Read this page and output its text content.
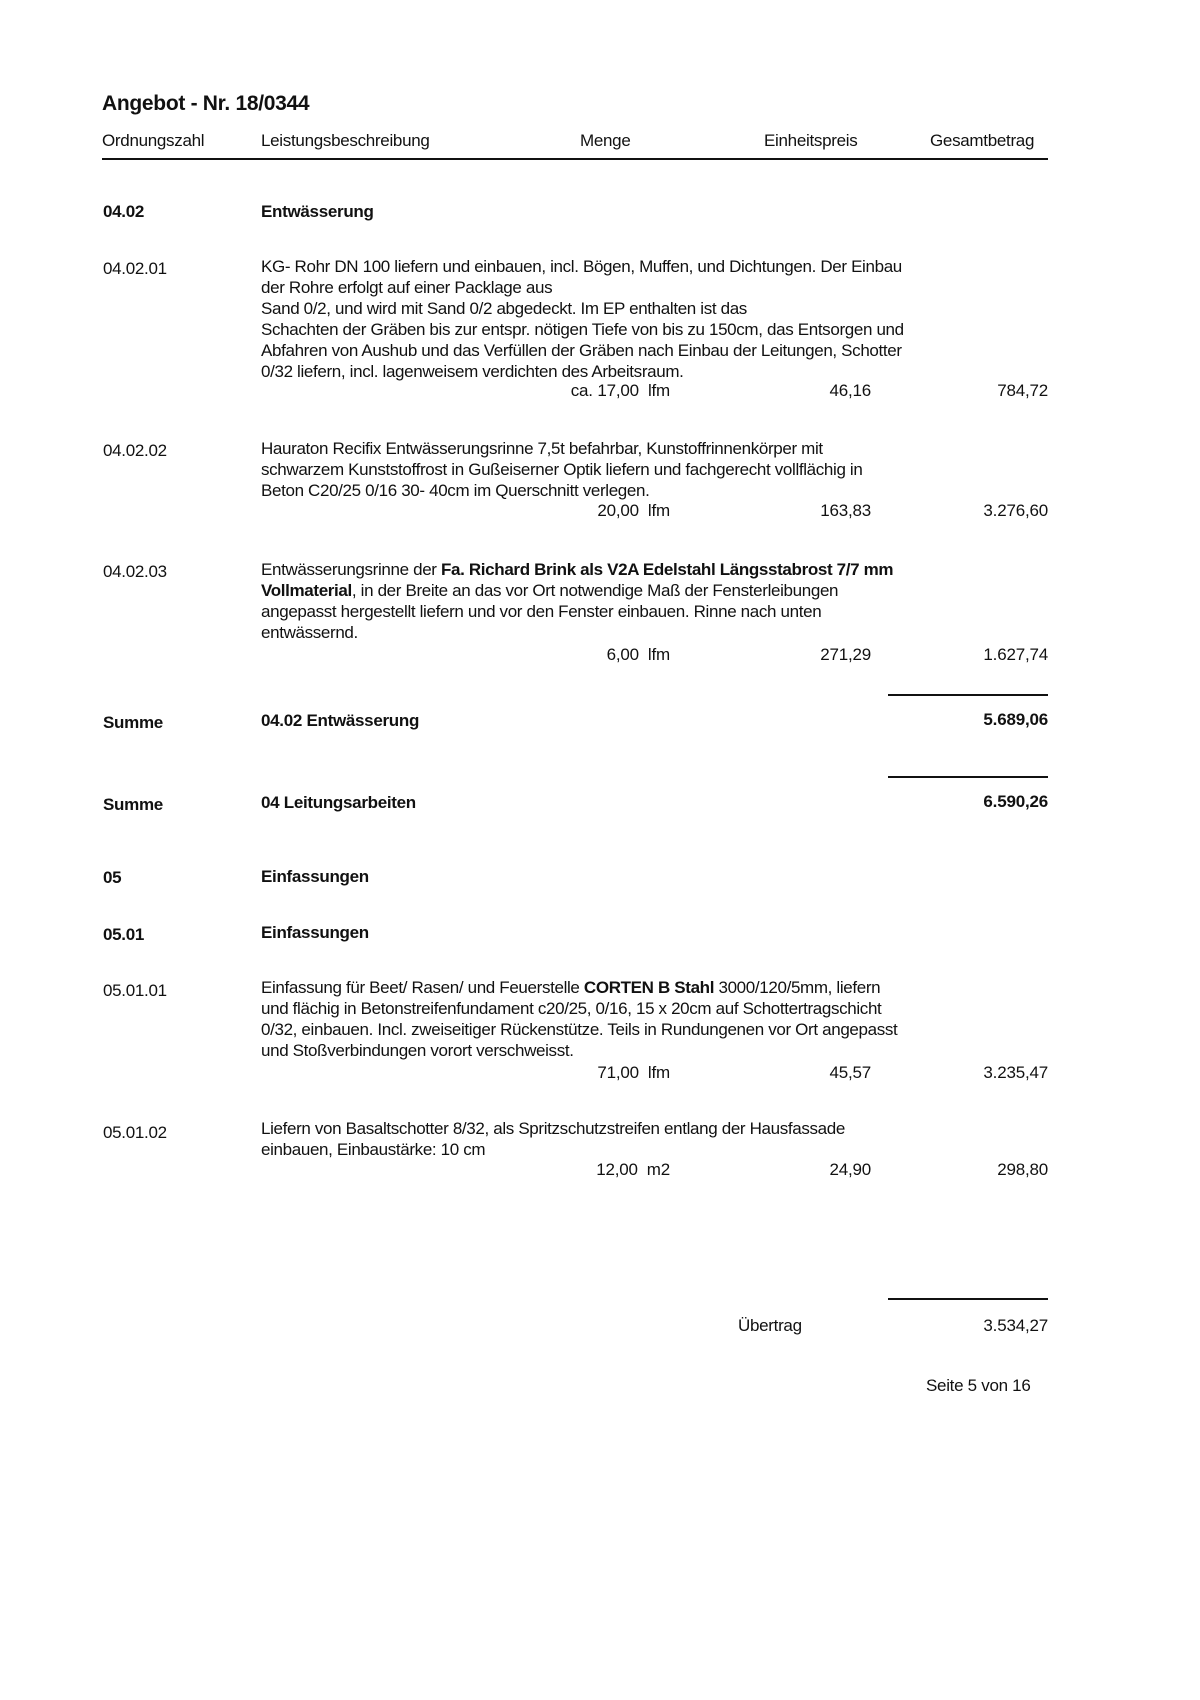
Angebot - Nr. 18/0344
Ordnungszahl	Leistungsbeschreibung	Menge	Einheitspreis	Gesamtbetrag
04.02	Entwässerung
04.02.01	KG- Rohr DN 100 liefern und einbauen, incl. Bögen, Muffen, und Dichtungen. Der Einbau
der Rohre erfolgt auf einer Packlage aus
Sand 0/2, und wird mit Sand 0/2 abgedeckt. Im EP enthalten ist das
Schachten der Gräben bis zur entspr. nötigen Tiefe von bis zu 150cm, das Entsorgen und
Abfahren von Aushub und das Verfüllen der Gräben nach Einbau der Leitungen, Schotter
0/32 liefern, incl. lagenweisem verdichten des Arbeitsraum.
ca. 17,00  lfm	46,16	784,72
04.02.02	Hauraton Recifix Entwässerungsrinne 7,5t befahrbar, Kunstoffrinnenkörper mit
schwarzem Kunststoffrost in Gußeiserner Optik liefern und fachgerecht vollflächig in
Beton C20/25 0/16 30- 40cm im Querschnitt verlegen.
20,00  lfm	163,83	3.276,60
04.02.03	Entwässerungsrinne der Fa. Richard Brink als V2A Edelstahl Längsstabrost 7/7 mm
Vollmaterial, in der Breite an das vor Ort notwendige Maß der Fensterleibungen
angepasst hergestellt liefern und vor den Fenster einbauen. Rinne nach unten
entwässernd.
6,00  lfm	271,29	1.627,74
Summe	04.02 Entwässerung	5.689,06
Summe	04 Leitungsarbeiten	6.590,26
05	Einfassungen
05.01	Einfassungen
05.01.01	Einfassung für Beet/ Rasen/ und Feuerstelle CORTEN B Stahl 3000/120/5mm, liefern
und flächig in Betonstreifenfundament c20/25, 0/16, 15 x 20cm auf Schottertragschicht
0/32, einbauen. Incl. zweiseitiger Rückenstütze. Teils in Rundungenen vor Ort angepasst
und Stoßverbindungen vorort verschweisst.
71,00  lfm	45,57	3.235,47
05.01.02	Liefern von Basaltschotter 8/32, als Spritzschutzstreifen entlang der Hausfassade
einbauen, Einbaustärke: 10 cm
12,00  m2	24,90	298,80
Übertrag	3.534,27
Seite 5 von 16
